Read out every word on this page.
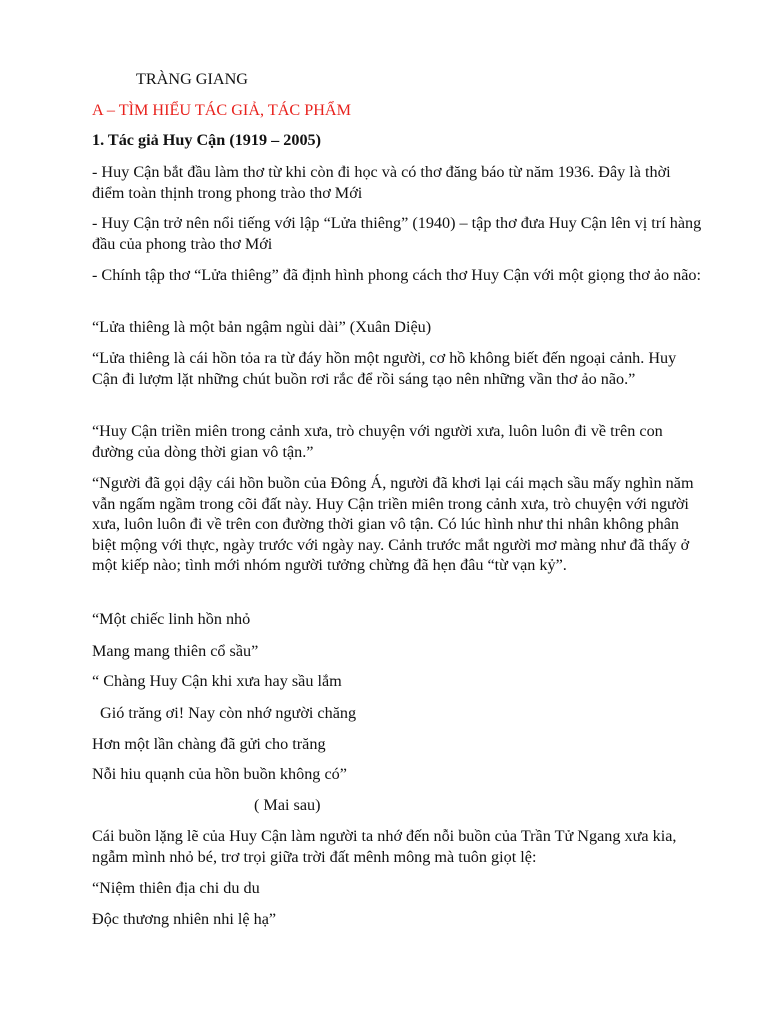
TRÀNG GIANG

A – TÌM HIỂU TÁC GIẢ, TÁC PHẨM

1. Tác giả Huy Cận (1919 – 2005)

- Huy Cận bắt đầu làm thơ từ khi còn đi học và có thơ đăng báo từ năm 1936. Đây là thời điểm toàn thịnh trong phong trào thơ Mới

- Huy Cận trở nên nổi tiếng với lập “Lửa thiêng” (1940) – tập thơ đưa Huy Cận lên vị trí hàng đầu của phong trào thơ Mới

- Chính tập thơ “Lửa thiêng” đã định hình phong cách thơ Huy Cận với một giọng thơ ảo não:

“Lửa thiêng là một bản ngậm ngùi dài” (Xuân Diệu)

“Lửa thiêng là cái hồn tỏa ra từ đáy hồn một người, cơ hồ không biết đến ngoại cảnh. Huy Cận đi lượm lặt những chút buồn rơi rắc để rồi sáng tạo nên những vần thơ ảo não.”

“Huy Cận triền miên trong cảnh xưa, trò chuyện với người xưa, luôn luôn đi về trên con đường của dòng thời gian vô tận.”

“Người đã gọi dậy cái hồn buồn của Đông Á, người đã khơi lại cái mạch sầu mấy nghìn năm vẫn ngấm ngầm trong cõi đất này. Huy Cận triền miên trong cảnh xưa, trò chuyện với người xưa, luôn luôn đi về trên con đường thời gian vô tận. Có lúc hình như thi nhân không phân biệt mộng với thực, ngày trước với ngày nay. Cảnh trước mắt người mơ màng như đã thấy ở một kiếp nào; tình mới nhóm người tưởng chừng đã hẹn đâu “từ vạn kỷ”.

“Một chiếc linh hồn nhỏ

Mang mang thiên cổ sầu”

“ Chàng Huy Cận khi xưa hay sầu lắm

Gió trăng ơi! Nay còn nhớ người chăng

Hơn một lần chàng đã gửi cho trăng

Nỗi hiu quạnh của hồn buồn không có”

( Mai sau)

Cái buồn lặng lẽ của Huy Cận làm người ta nhớ đến nỗi buồn của Trần Tử Ngang xưa kia, ngẫm mình nhỏ bé, trơ trọi giữa trời đất mênh mông mà tuôn giọt lệ:

“Niệm thiên địa chi du du

Độc thương nhiên nhi lệ hạ”
